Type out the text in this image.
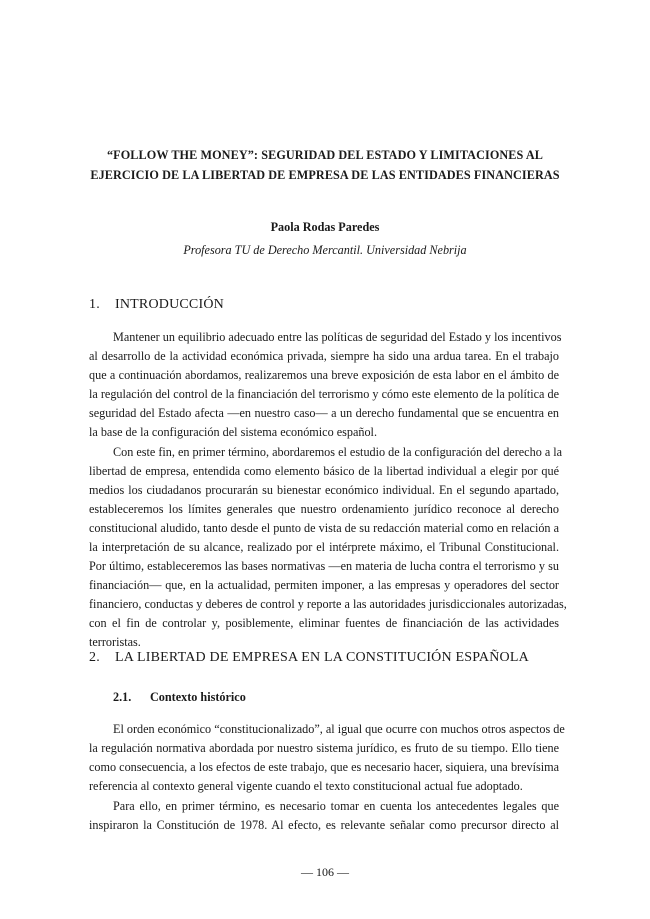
“FOLLOW THE MONEY”: SEGURIDAD DEL ESTADO Y LIMITACIONES AL
EJERCICIO DE LA LIBERTAD DE EMPRESA DE LAS ENTIDADES FINANCIERAS
Paola Rodas Paredes
Profesora TU de Derecho Mercantil. Universidad Nebrija
1. INTRODUCCIÓN
Mantener un equilibrio adecuado entre las políticas de seguridad del Estado y los incentivos
al desarrollo de la actividad económica privada, siempre ha sido una ardua tarea. En el trabajo
que a continuación abordamos, realizaremos una breve exposición de esta labor en el ámbito de
la regulación del control de la financiación del terrorismo y cómo este elemento de la política de
seguridad del Estado afecta —en nuestro caso— a un derecho fundamental que se encuentra en
la base de la configuración del sistema económico español.
Con este fin, en primer término, abordaremos el estudio de la configuración del derecho a la
libertad de empresa, entendida como elemento básico de la libertad individual a elegir por qué
medios los ciudadanos procurarán su bienestar económico individual. En el segundo apartado,
estableceremos los límites generales que nuestro ordenamiento jurídico reconoce al derecho
constitucional aludido, tanto desde el punto de vista de su redacción material como en relación a
la interpretación de su alcance, realizado por el intérprete máximo, el Tribunal Constitucional.
Por último, estableceremos las bases normativas —en materia de lucha contra el terrorismo y su
financiación— que, en la actualidad, permiten imponer, a las empresas y operadores del sector
financiero, conductas y deberes de control y reporte a las autoridades jurisdiccionales autorizadas,
con el fin de controlar y, posiblemente, eliminar fuentes de financiación de las actividades
terroristas.
2. LA LIBERTAD DE EMPRESA EN LA CONSTITUCIÓN ESPAÑOLA
2.1. Contexto histórico
El orden económico “constitucionalizado”, al igual que ocurre con muchos otros aspectos de
la regulación normativa abordada por nuestro sistema jurídico, es fruto de su tiempo. Ello tiene
como consecuencia, a los efectos de este trabajo, que es necesario hacer, siquiera, una brevísima
referencia al contexto general vigente cuando el texto constitucional actual fue adoptado.
Para ello, en primer término, es necesario tomar en cuenta los antecedentes legales que
inspiraron la Constitución de 1978. Al efecto, es relevante señalar como precursor directo al
— 106 —
